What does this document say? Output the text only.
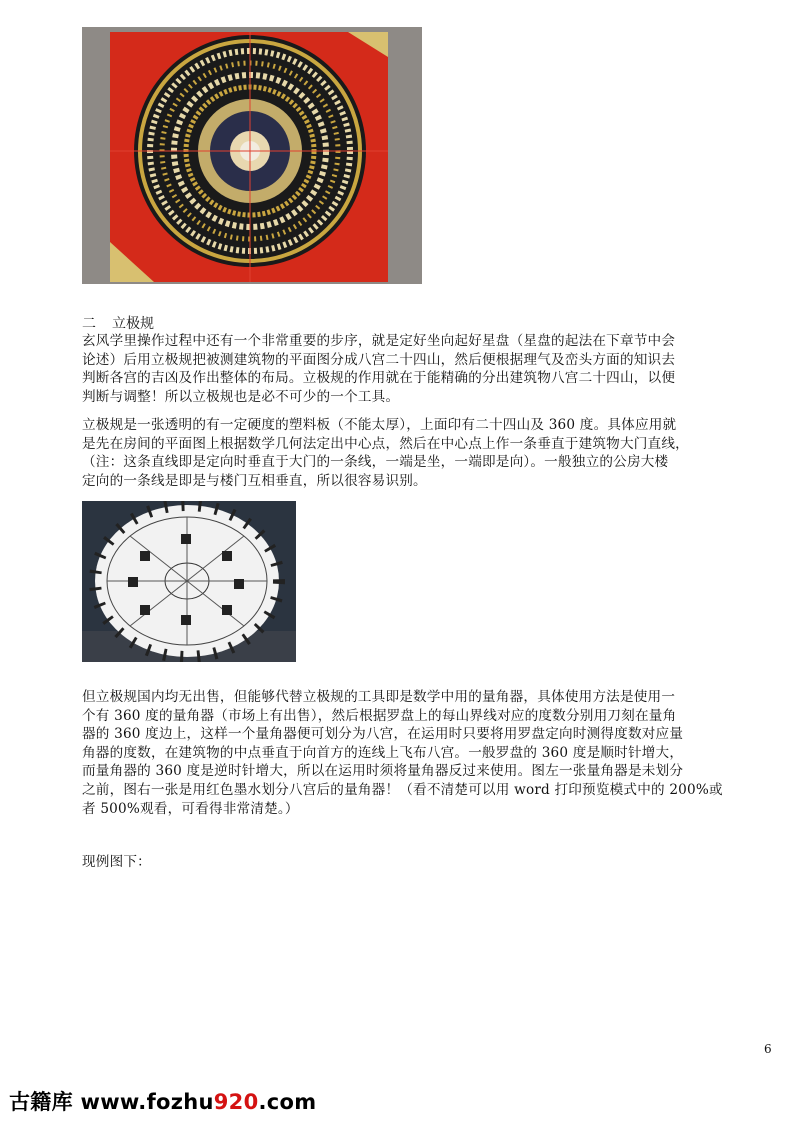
二 立极规
玄风学里操作过程中还有一个非常重要的步序，就是定好坐向起好星盘（星盘的起法在下章节中会
论述）后用立极规把被测建筑物的平面图分成八宫二十四山，然后便根据理气及峦头方面的知识去
判断各宫的吉凶及作出整体的布局。立极规的作用就在于能精确的分出建筑物八宫二十四山，以便
判断与调整！所以立极规也是必不可少的一个工具。
立极规是一张透明的有一定硬度的塑料板（不能太厚），上面印有二十四山及 360 度。具体应用就
是先在房间的平面图上根据数学几何法定出中心点，然后在中心点上作一条垂直于建筑物大门直线，
（注：这条直线即是定向时垂直于大门的一条线，一端是坐，一端即是向）。一般独立的公房大楼
定向的一条线是即是与楼门互相垂直，所以很容易识别。
但立极规国内均无出售，但能够代替立极规的工具即是数学中用的量角器，具体使用方法是使用一
个有 360 度的量角器（市场上有出售），然后根据罗盘上的每山界线对应的度数分别用刀刻在量角
器的 360 度边上，这样一个量角器便可划分为八宫，在运用时只要将用罗盘定向时测得度数对应量
角器的度数，在建筑物的中点垂直于向首方的连线上飞布八宫。一般罗盘的 360 度是顺时针增大，
而量角器的 360 度是逆时针增大，所以在运用时须将量角器反过来使用。图左一张量角器是未划分
之前，图右一张是用红色墨水划分八宫后的量角器！（看不清楚可以用 word 打印预览模式中的 200%或
者 500%观看，可看得非常清楚。）
现例图下：
6
古籍库 www.fozhu920.com
